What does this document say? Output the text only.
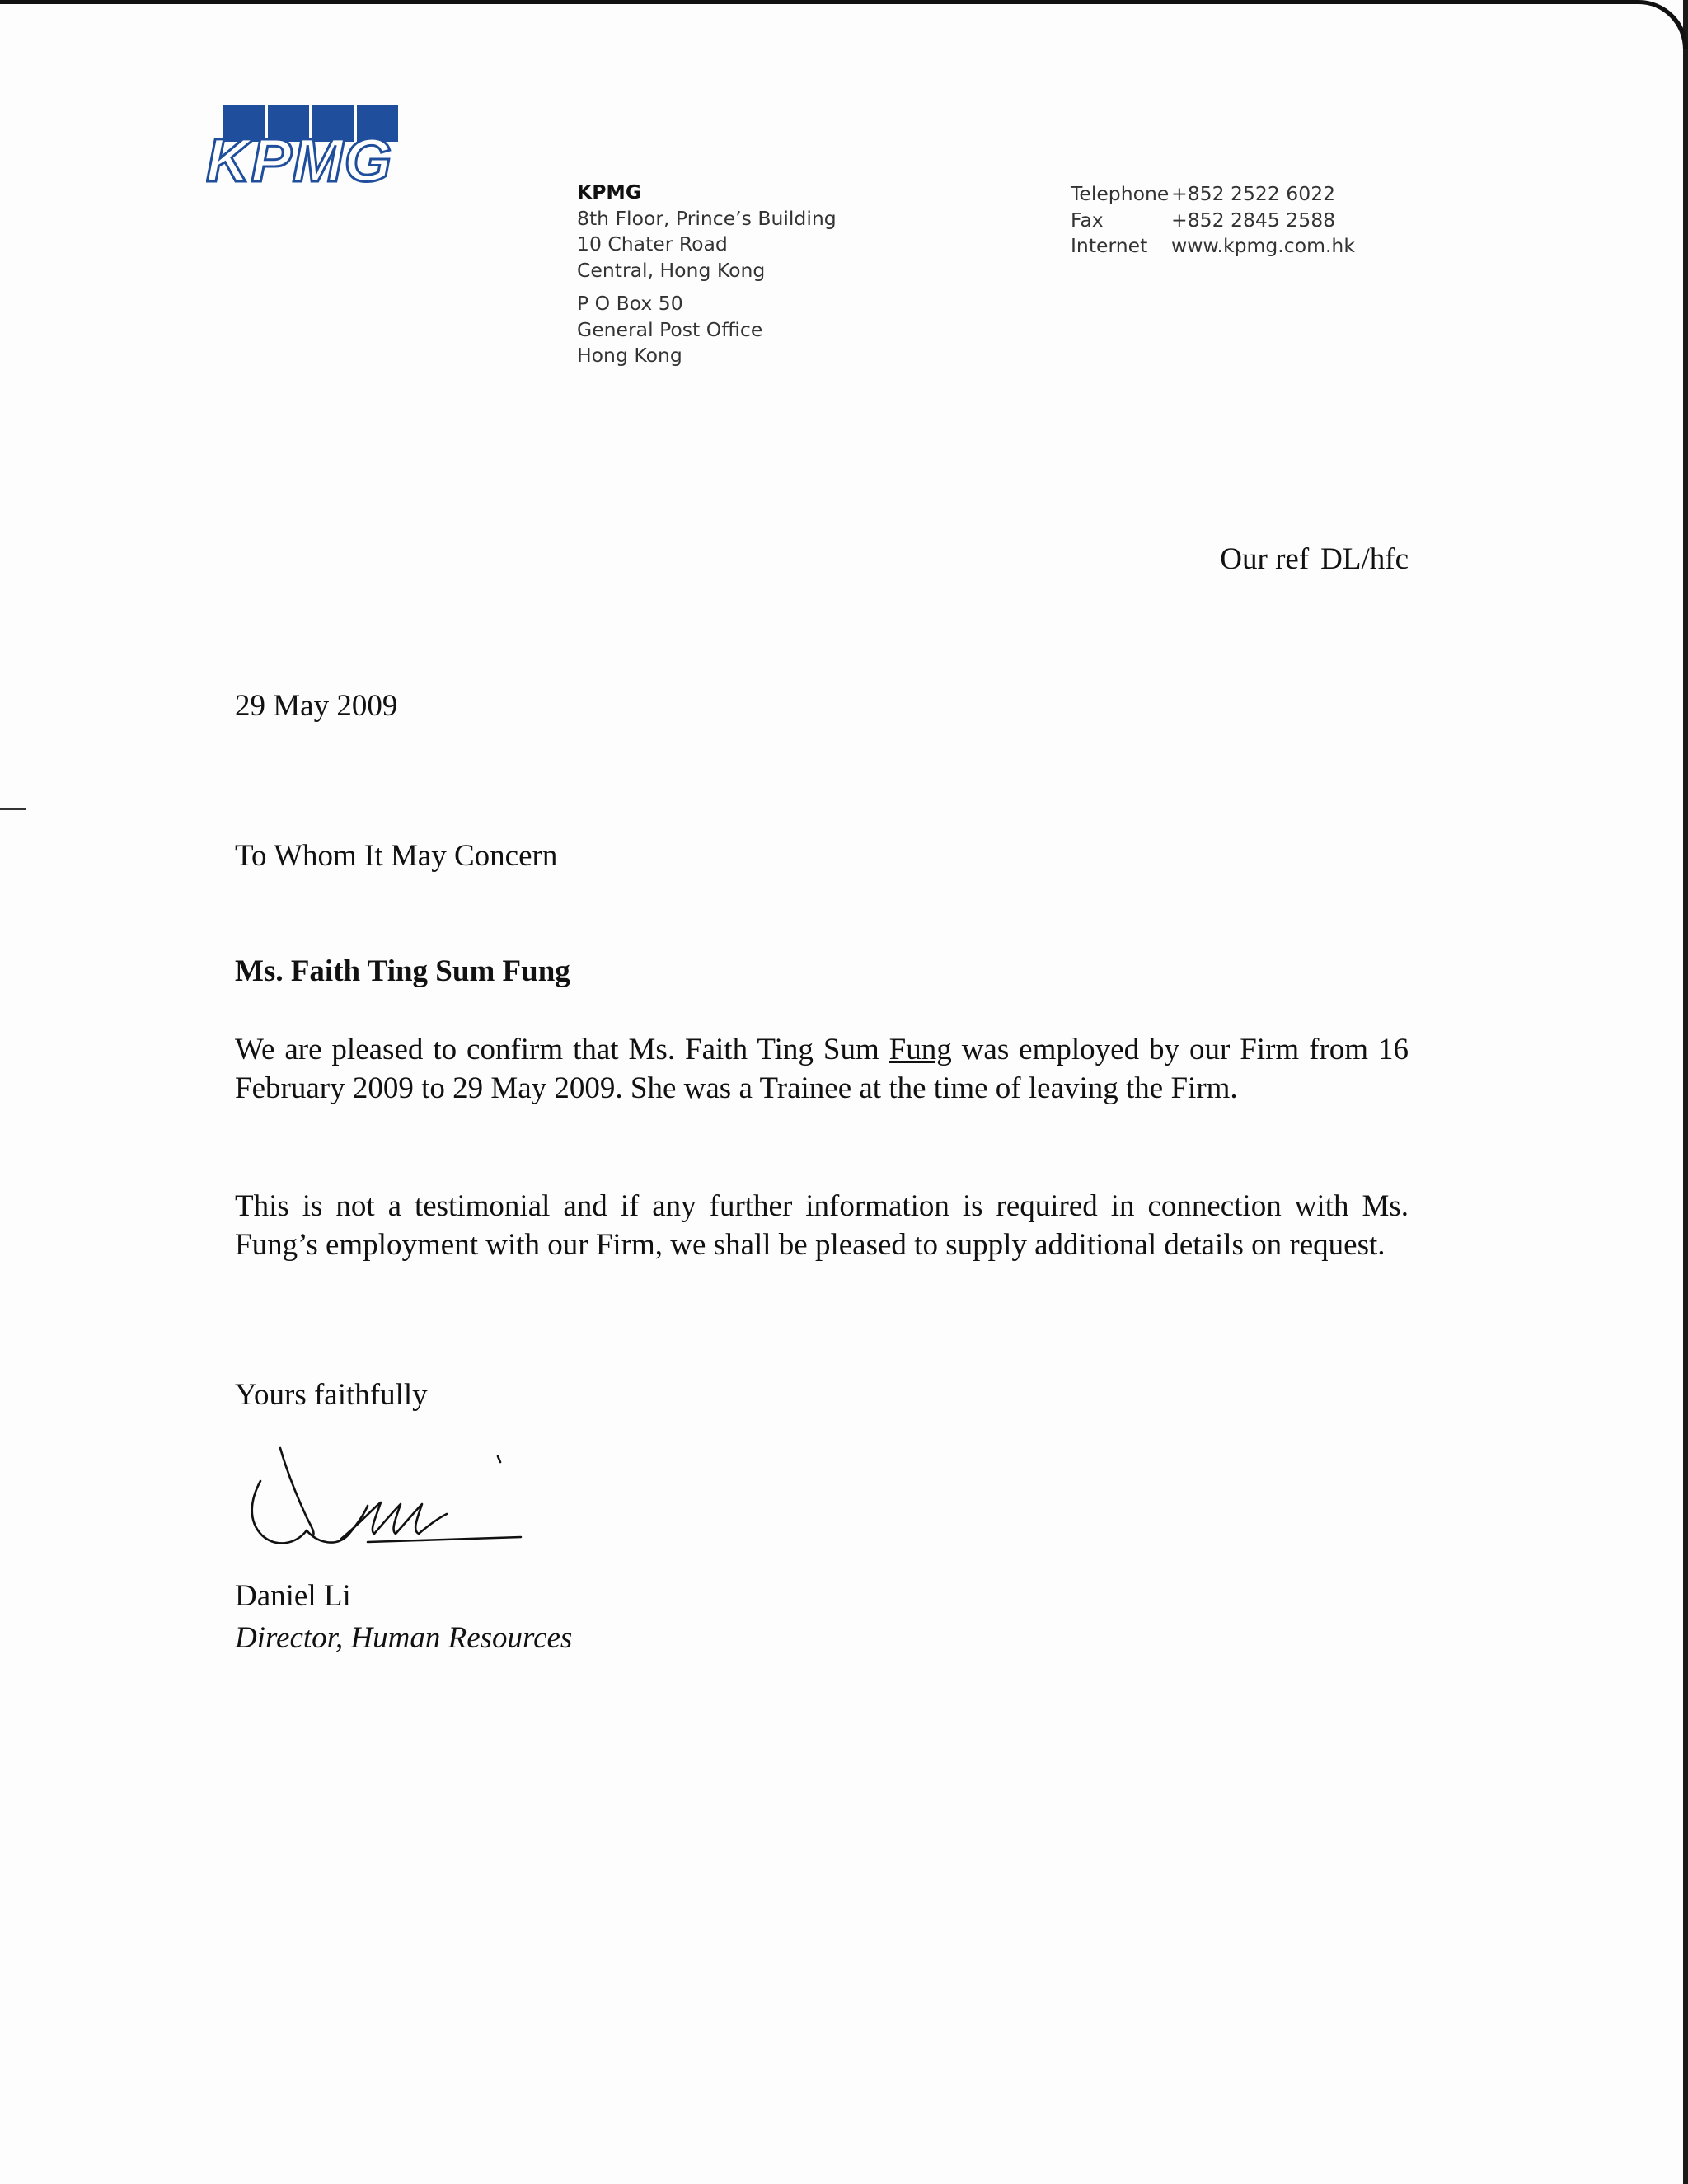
KPMG	KPMG
8th Floor, Prince’s Building
10 Chater Road
Central, Hong Kong
P O Box 50
General Post Office
Hong Kong
Telephone +852 2522 6022
Fax	+852 2845 2588
Internet	www.kpmg.com.hk
Our ref DL/hfc
29 May 2009
To Whom It May Concern
Ms. Faith Ting Sum Fung

We are pleased to confirm that Ms. Faith Ting Sum Fung was employed by our Firm from 16 February 2009 to 29 May 2009. She was a Trainee at the time of leaving the Firm.

This is not a testimonial and if any further information is required in connection with Ms. Fung’s employment with our Firm, we shall be pleased to supply additional details on request.

Yours faithfully
Daniel Li
Director, Human Resources
